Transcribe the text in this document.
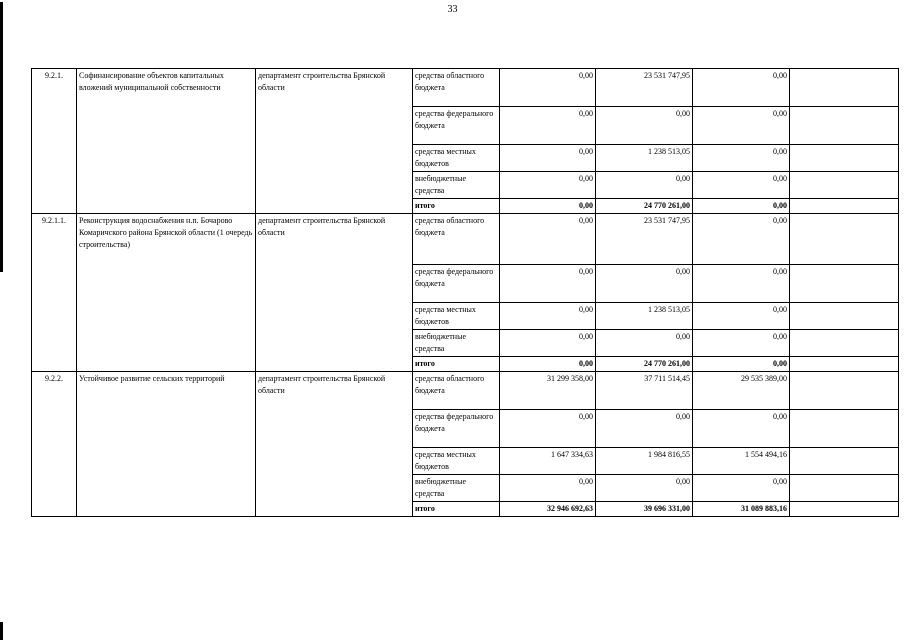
33
9.2.1.	Софинансирование объектов капитальных вложений муниципальной собственности	департамент строительства Брянской области	средства областного бюджета	0,00	23 531 747,95	0,00	
			средства федерального бюджета	0,00	0,00	0,00	
			средства местных бюджетов	0,00	1 238 513,05	0,00	
			внебюджетные средства	0,00	0,00	0,00	
			итого	0,00	24 770 261,00	0,00	
9.2.1.1.	Реконструкция водоснабжения н.п. Бочарово Комаричского района Брянской области (1 очередь строительства)	департамент строительства Брянской области	средства областного бюджета	0,00	23 531 747,95	0,00	
			средства федерального бюджета	0,00	0,00	0,00	
			средства местных бюджетов	0,00	1 238 513,05	0,00	
			внебюджетные средства	0,00	0,00	0,00	
			итого	0,00	24 770 261,00	0,00	
9.2.2.	Устойчивое развитие сельских территорий	департамент строительства Брянской области	средства областного бюджета	31 299 358,00	37 711 514,45	29 535 389,00	
			средства федерального бюджета	0,00	0,00	0,00	
			средства местных бюджетов	1 647 334,63	1 984 816,55	1 554 494,16	
			внебюджетные средства	0,00	0,00	0,00	
			итого	32 946 692,63	39 696 331,00	31 089 883,16	
